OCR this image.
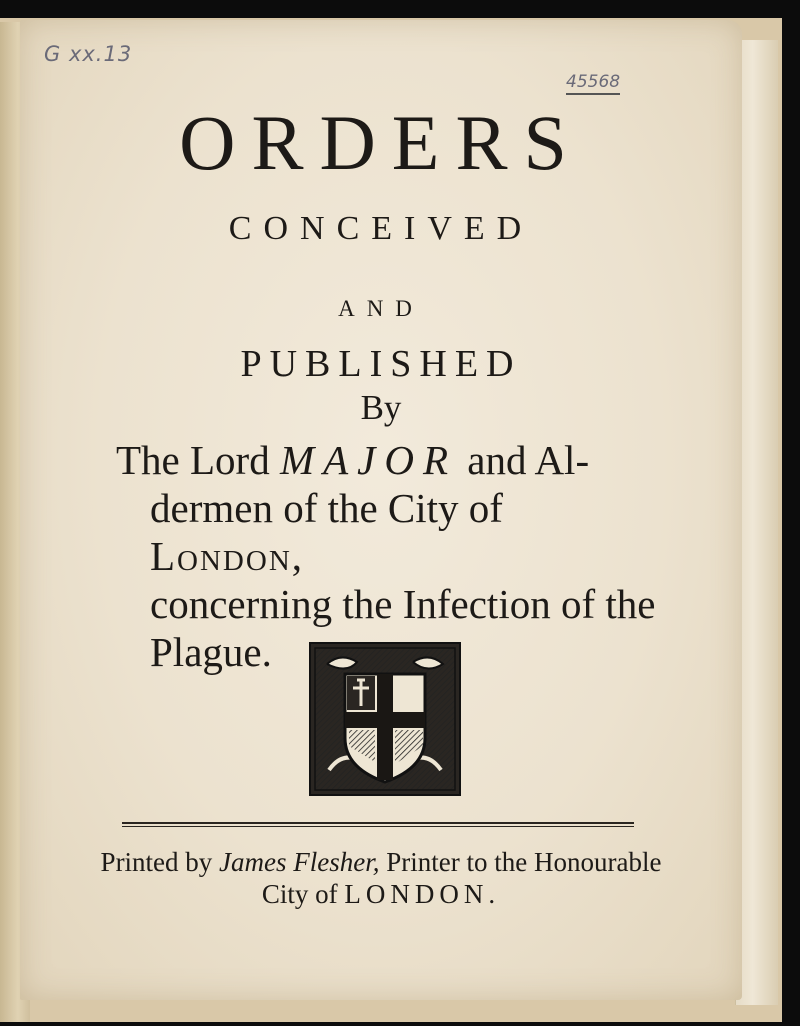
G xx.13
45568
ORDERS
CONCEIVED
AND
PUBLISHED
By
The Lord MAJOR and Al-
dermen of the City of London,
concerning the Infection of the
Plague.
Printed by James Flesher, Printer to the Honourable
City of LONDON.
